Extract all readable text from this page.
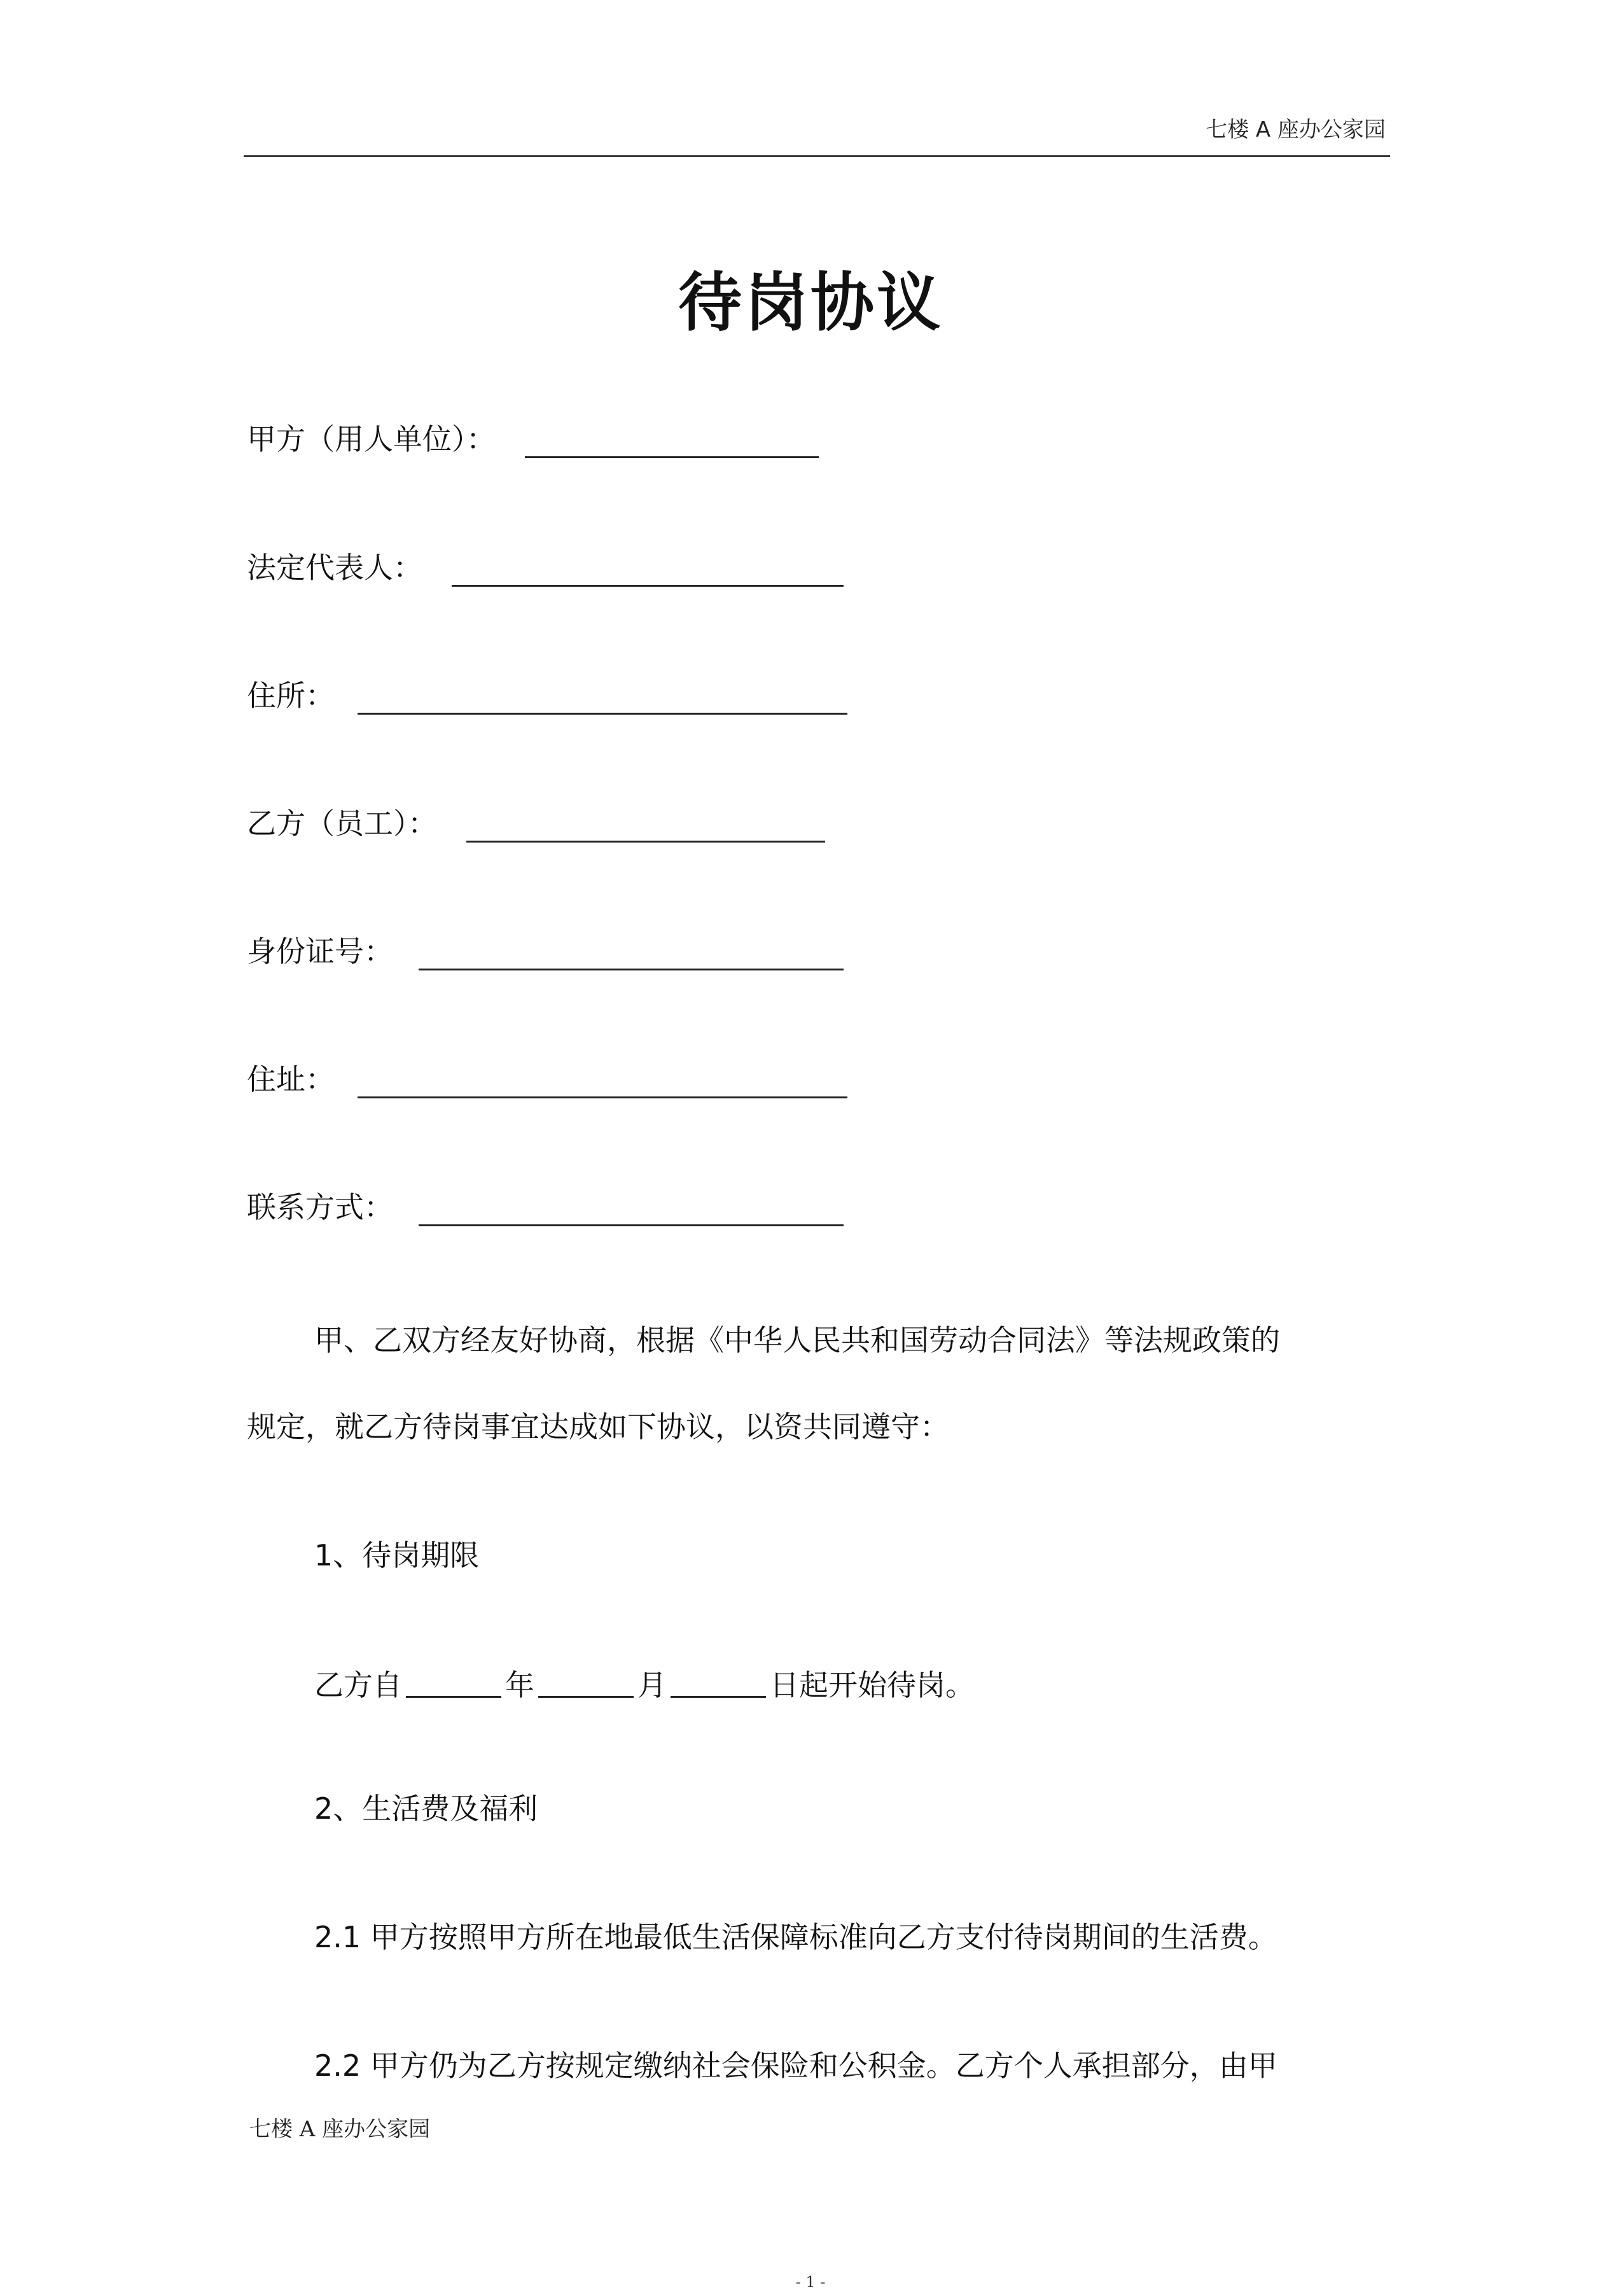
七楼 A 座办公家园
待岗协议
甲方（用人单位）：
法定代表人：
住所：
乙方（员工）：
身份证号：
住址：
联系方式：
甲、乙双方经友好协商，根据《中华人民共和国劳动合同法》等法规政策的
规定，就乙方待岗事宜达成如下协议，以资共同遵守：
1、待岗期限
乙方自	年	月	日起开始待岗。
2、生活费及福利
2.1 甲方按照甲方所在地最低生活保障标准向乙方支付待岗期间的生活费。
2.2 甲方仍为乙方按规定缴纳社会保险和公积金。乙方个人承担部分，由甲
七楼 A 座办公家园
- 1 -
